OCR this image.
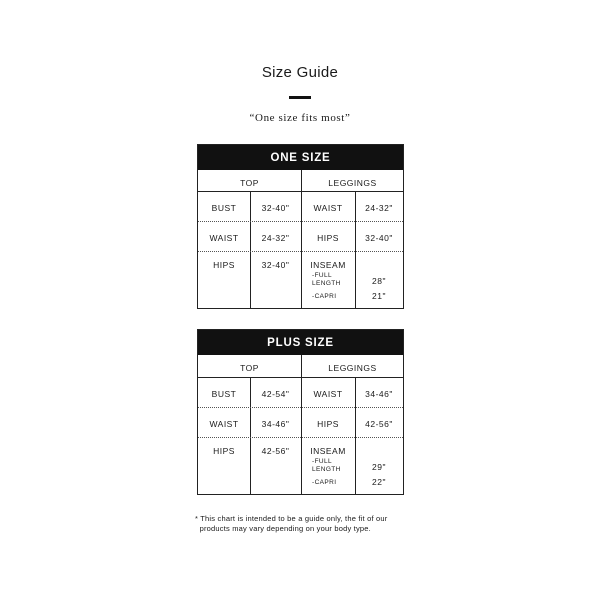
Size Guide
“One size fits most”
ONE SIZE
TOP	LEGGINGS
BUST	32-40"	WAIST	24-32"
WAIST	24-32"	HIPS	32-40"
HIPS	32-40"	INSEAM
-FULL
LENGTH	28"
-CAPRI	21"
PLUS SIZE
TOP	LEGGINGS
BUST	42-54"	WAIST	34-46"
WAIST	34-46"	HIPS	42-56"
HIPS	42-56"	INSEAM
-FULL
LENGTH	29"
-CAPRI	22"
* This chart is intended to be a guide only, the fit of our
products may vary depending on your body type.
